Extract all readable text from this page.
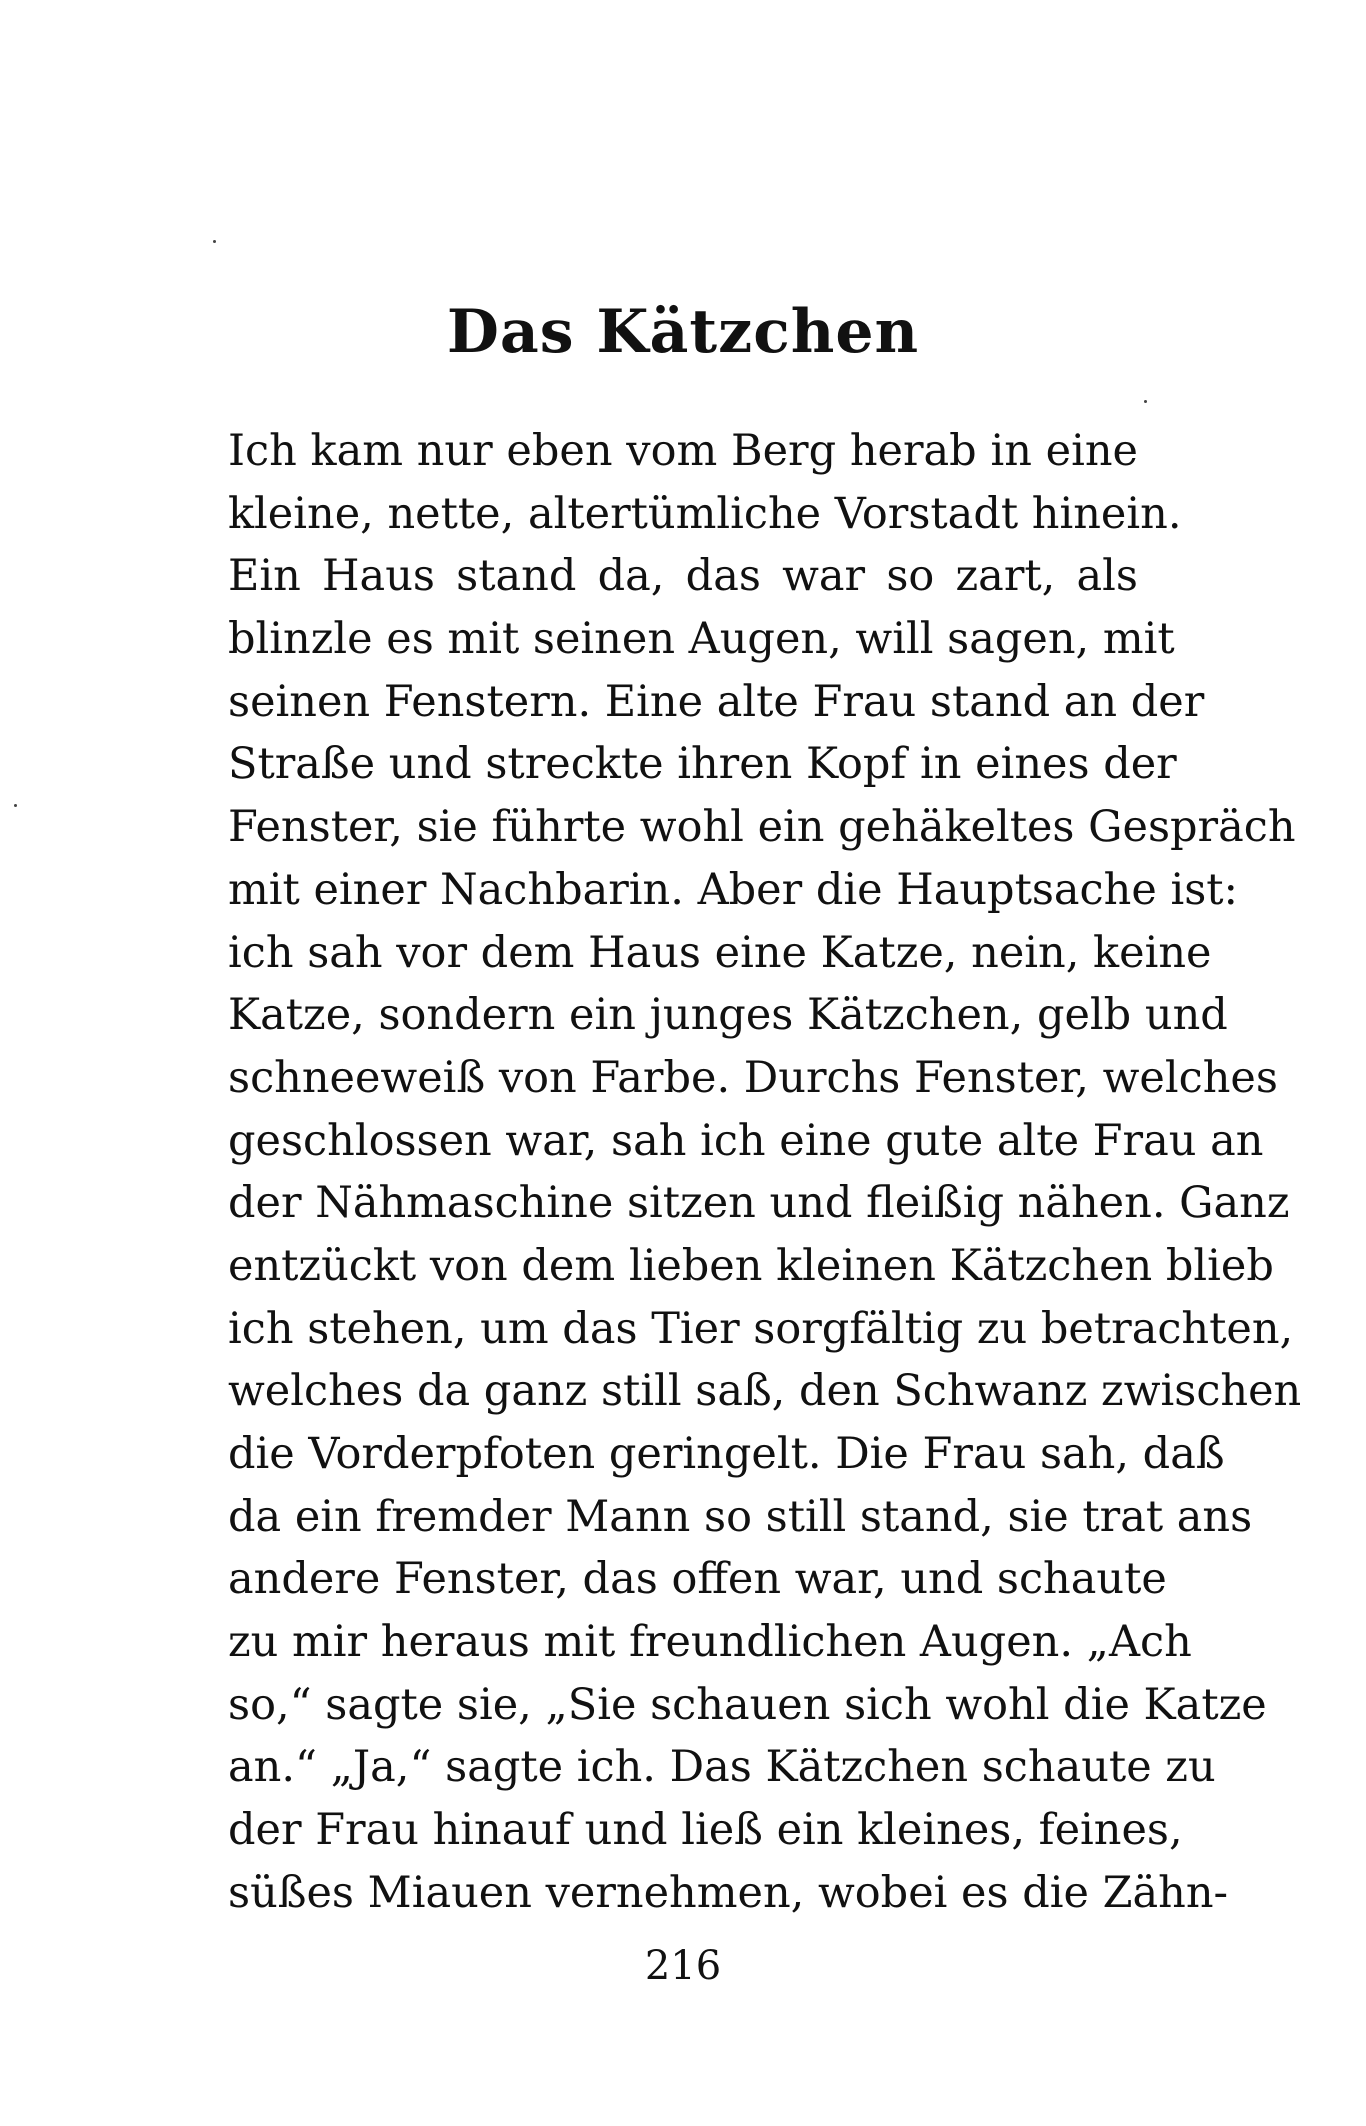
Das Kätzchen
Ich kam nur eben vom Berg herab in eine
kleine, nette, altertümliche Vorstadt hinein.
Ein Haus stand da, das war so zart, als
blinzle es mit seinen Augen, will sagen, mit
seinen Fenstern. Eine alte Frau stand an der
Straße und streckte ihren Kopf in eines der
Fenster, sie führte wohl ein gehäkeltes Gespräch
mit einer Nachbarin. Aber die Hauptsache ist:
ich sah vor dem Haus eine Katze, nein, keine
Katze, sondern ein junges Kätzchen, gelb und
schneeweiß von Farbe. Durchs Fenster, welches
geschlossen war, sah ich eine gute alte Frau an
der Nähmaschine sitzen und fleißig nähen. Ganz
entzückt von dem lieben kleinen Kätzchen blieb
ich stehen, um das Tier sorgfältig zu betrachten,
welches da ganz still saß, den Schwanz zwischen
die Vorderpfoten geringelt. Die Frau sah, daß
da ein fremder Mann so still stand, sie trat ans
andere Fenster, das offen war, und schaute
zu mir heraus mit freundlichen Augen. „Ach
so,“ sagte sie, „Sie schauen sich wohl die Katze
an.“ „Ja,“ sagte ich. Das Kätzchen schaute zu
der Frau hinauf und ließ ein kleines, feines,
süßes Miauen vernehmen, wobei es die Zähn-
216
